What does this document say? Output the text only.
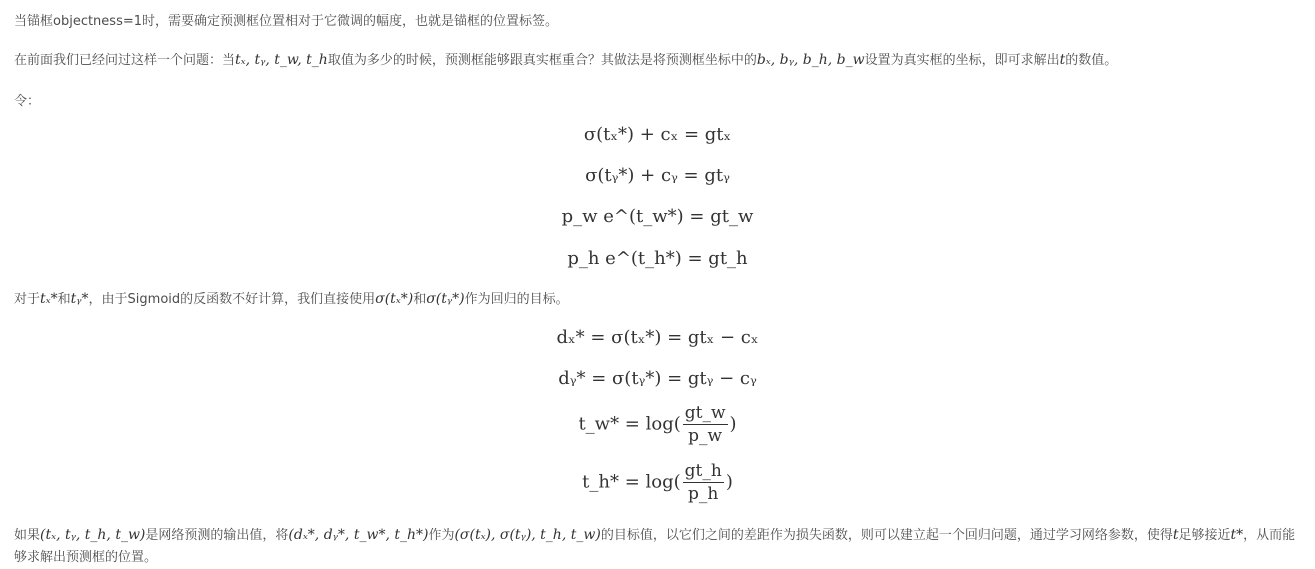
当锚框objectness=1时，需要确定预测框位置相对于它微调的幅度，也就是锚框的位置标签。

在前面我们已经问过这样一个问题：当tₓ, tᵧ, t_w, t_h取值为多少的时候，预测框能够跟真实框重合？其做法是将预测框坐标中的bₓ, bᵧ, b_h, b_w设置为真实框的坐标，即可求解出t的数值。

令：

σ(tₓ*) + cₓ = gtₓ
σ(tᵧ*) + cᵧ = gtᵧ
p_w e^(t_w*) = gt_w
p_h e^(t_h*) = gt_h

对于tₓ*和tᵧ*，由于Sigmoid的反函数不好计算，我们直接使用σ(tₓ*)和σ(tᵧ*)作为回归的目标。

dₓ* = σ(tₓ*) = gtₓ − cₓ
dᵧ* = σ(tᵧ*) = gtᵧ − cᵧ
t_w* = $\log( \frac{gt\_w}{p\_w}$ )
t_h* = $\log( \frac{gt\_h}{p\_h}$ )

如果(tₓ, tᵧ, t_h, t_w)是网络预测的输出值，将(dₓ*, dᵧ*, t_w*, t_h*)作为(σ(tₓ), σ(tᵧ), t_h, t_w)的目标值，以它们之间的差距作为损失函数，则可以建立起一个回归问题，通过学习网络参数，使得t足够接近t*，从而能够求解出预测框的位置。
